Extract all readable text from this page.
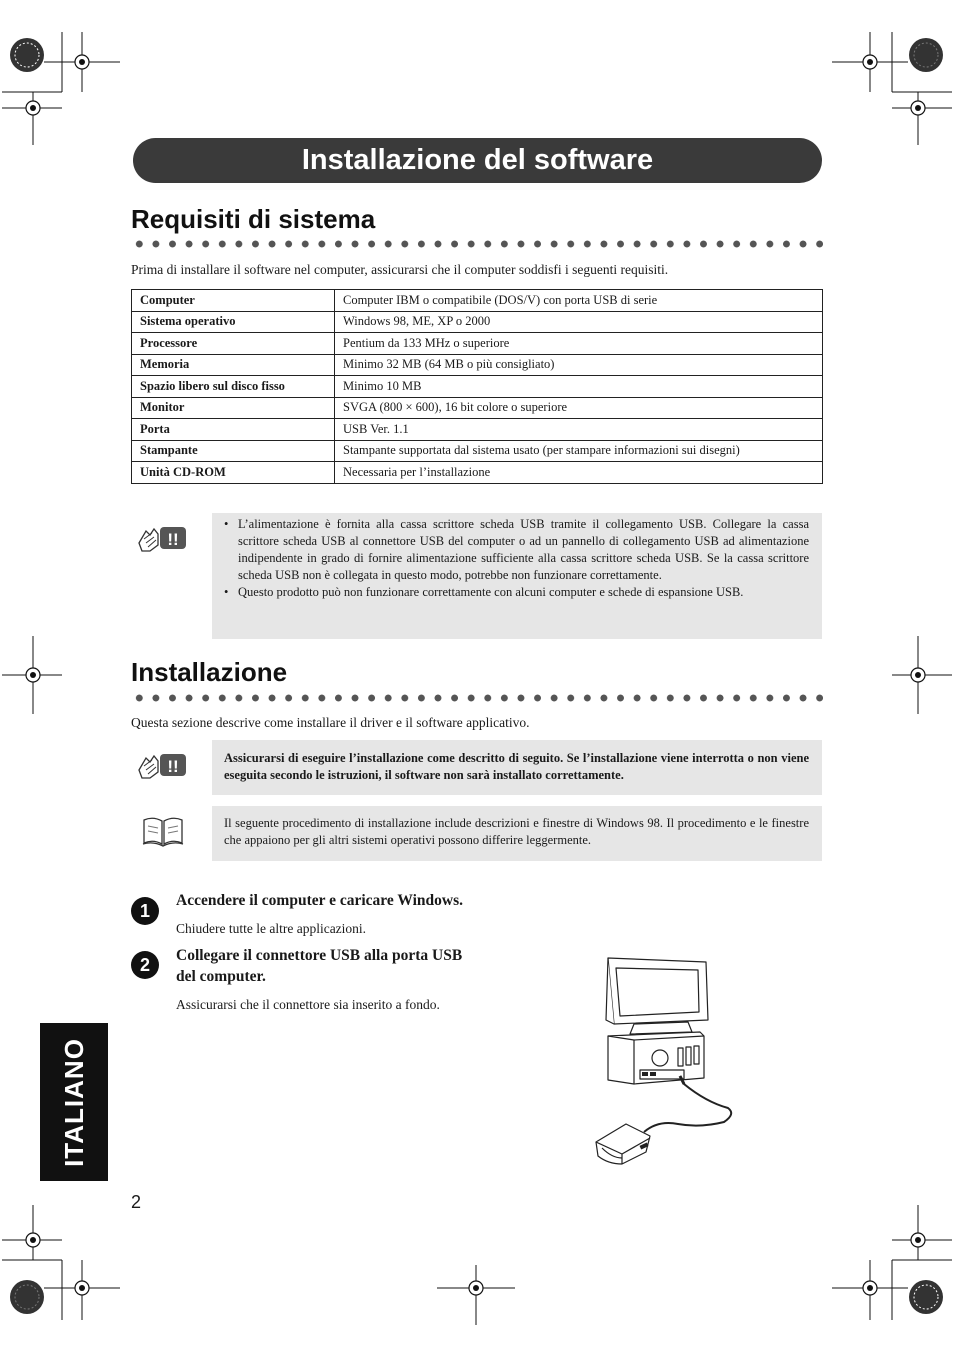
Installazione del software
Requisiti di sistema
Prima di installare il software nel computer, assicurarsi che il computer soddisfi i seguenti requisiti.
Computer	Computer IBM o compatibile (DOS/V) con porta USB di serie
Sistema operativo	Windows 98, ME, XP o 2000
Processore	Pentium da 133 MHz o superiore
Memoria	Minimo 32 MB (64 MB o più consigliato)
Spazio libero sul disco fisso	Minimo 10 MB
Monitor	SVGA (800 × 600), 16 bit colore o superiore
Porta	USB Ver. 1.1
Stampante	Stampante supportata dal sistema usato (per stampare informazioni sui disegni)
Unità CD-ROM	Necessaria per l’installazione
!!
• L’alimentazione è fornita alla cassa scrittore scheda USB tramite il collegamento USB. Collegare la cassa scrittore scheda USB al connettore USB del computer o ad un pannello di collegamento USB ad alimentazione indipendente in grado di fornire alimentazione sufficiente alla cassa scrittore scheda USB. Se la cassa scrittore scheda USB non è collegata in questo modo, potrebbe non funzionare correttamente.
• Questo prodotto può non funzionare correttamente con alcuni computer e schede di espansione USB.
Installazione
Questa sezione descrive come installare il driver e il software applicativo.
!!	Assicurarsi di eseguire l’installazione come descritto di seguito. Se l’installazione viene interrotta o non viene eseguita secondo le istruzioni, il software non sarà installato correttamente.
Il seguente procedimento di installazione include descrizioni e finestre di Windows 98. Il procedimento e le finestre che appaiono per gli altri sistemi operativi possono differire leggermente.
1
Accendere il computer e caricare Windows.
Chiudere tutte le altre applicazioni.
2	Collegare il connettore USB alla porta USB del computer.
Assicurarsi che il connettore sia inserito a fondo.
ITALIANO
2
